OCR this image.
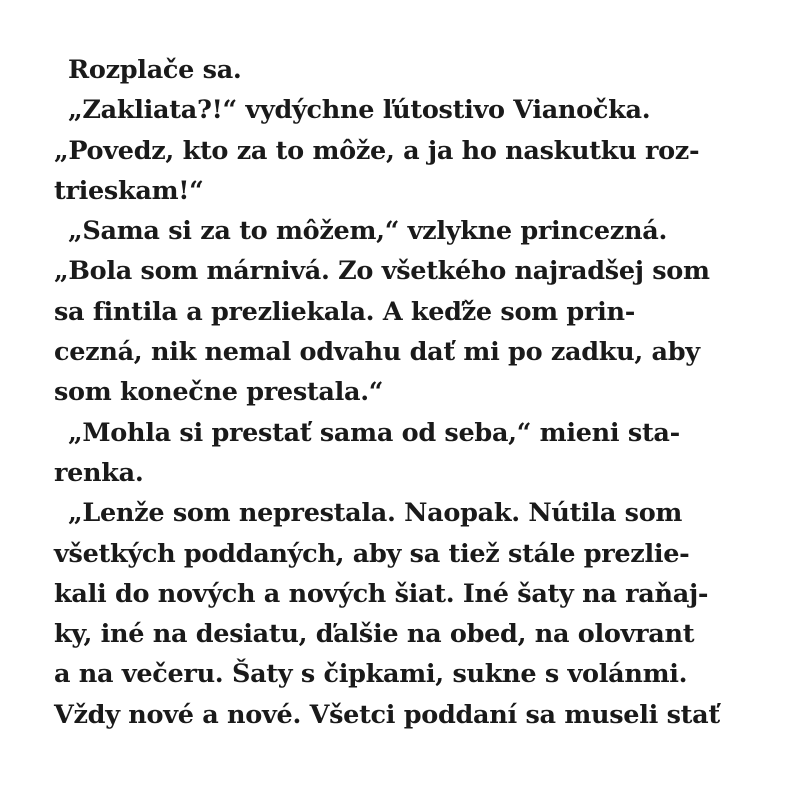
Rozplače sa.
„Zakliata?!“ vydýchne ľútostivo Vianočka.
„Povedz, kto za to môže, a ja ho naskutku roz-
trieskam!“
„Sama si za to môžem,“ vzlykne princezná.
„Bola som márnivá. Zo všetkého najradšej som
sa fintila a prezliekala. A keďže som prin-
cezná, nik nemal odvahu dať mi po zadku, aby
som konečne prestala.“
„Mohla si prestať sama od seba,“ mieni sta-
renka.
„Lenže som neprestala. Naopak. Nútila som
všetkých poddaných, aby sa tiež stále prezlie-
kali do nových a nových šiat. Iné šaty na raňaj-
ky, iné na desiatu, ďalšie na obed, na olovrant
a na večeru. Šaty s čipkami, sukne s volánmi.
Vždy nové a nové. Všetci poddaní sa museli stať
